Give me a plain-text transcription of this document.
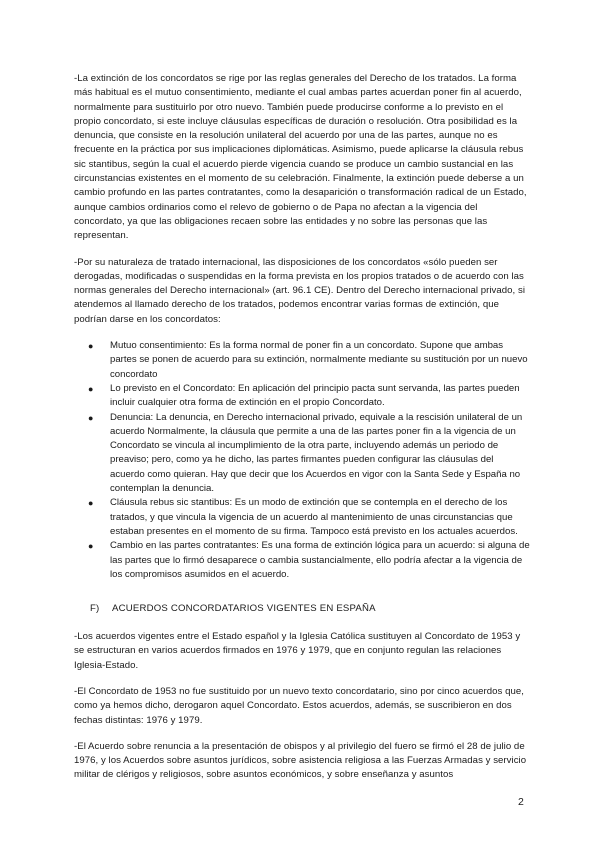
-La extinción de los concordatos se rige por las reglas generales del Derecho de los tratados. La forma más habitual es el mutuo consentimiento, mediante el cual ambas partes acuerdan poner fin al acuerdo, normalmente para sustituirlo por otro nuevo. También puede producirse conforme a lo previsto en el propio concordato, si este incluye cláusulas específicas de duración o resolución. Otra posibilidad es la denuncia, que consiste en la resolución unilateral del acuerdo por una de las partes, aunque no es frecuente en la práctica por sus implicaciones diplomáticas. Asimismo, puede aplicarse la cláusula rebus sic stantibus, según la cual el acuerdo pierde vigencia cuando se produce un cambio sustancial en las circunstancias existentes en el momento de su celebración. Finalmente, la extinción puede deberse a un cambio profundo en las partes contratantes, como la desaparición o transformación radical de un Estado, aunque cambios ordinarios como el relevo de gobierno o de Papa no afectan a la vigencia del concordato, ya que las obligaciones recaen sobre las entidades y no sobre las personas que las representan.

-Por su naturaleza de tratado internacional, las disposiciones de los concordatos «sólo pueden ser derogadas, modificadas o suspendidas en la forma prevista en los propios tratados o de acuerdo con las normas generales del Derecho internacional» (art. 96.1 CE). Dentro del Derecho internacional privado, si atendemos al llamado derecho de los tratados, podemos encontrar varias formas de extinción, que podrían darse en los concordatos:

● Mutuo consentimiento: Es la forma normal de poner fin a un concordato. Supone que ambas partes se ponen de acuerdo para su extinción, normalmente mediante su sustitución por un nuevo concordato
● Lo previsto en el Concordato: En aplicación del principio pacta sunt servanda, las partes pueden incluir cualquier otra forma de extinción en el propio Concordato.
● Denuncia: La denuncia, en Derecho internacional privado, equivale a la rescisión unilateral de un acuerdo Normalmente, la cláusula que permite a una de las partes poner fin a la vigencia de un Concordato se vincula al incumplimiento de la otra parte, incluyendo además un periodo de preaviso; pero, como ya he dicho, las partes firmantes pueden configurar las cláusulas del acuerdo como quieran. Hay que decir que los Acuerdos en vigor con la Santa Sede y España no contemplan la denuncia.
● Cláusula rebus sic stantibus: Es un modo de extinción que se contempla en el derecho de los tratados, y que vincula la vigencia de un acuerdo al mantenimiento de unas circunstancias que estaban presentes en el momento de su firma. Tampoco está previsto en los actuales acuerdos.
● Cambio en las partes contratantes: Es una forma de extinción lógica para un acuerdo: si alguna de las partes que lo firmó desaparece o cambia sustancialmente, ello podría afectar a la vigencia de los compromisos asumidos en el acuerdo.
F) ACUERDOS CONCORDATARIOS VIGENTES EN ESPAÑA

-Los acuerdos vigentes entre el Estado español y la Iglesia Católica sustituyen al Concordato de 1953 y se estructuran en varios acuerdos firmados en 1976 y 1979, que en conjunto regulan las relaciones Iglesia-Estado.

-El Concordato de 1953 no fue sustituido por un nuevo texto concordatario, sino por cinco acuerdos que, como ya hemos dicho, derogaron aquel Concordato. Estos acuerdos, además, se suscribieron en dos fechas distintas: 1976 y 1979.

-El Acuerdo sobre renuncia a la presentación de obispos y al privilegio del fuero se firmó el 28 de julio de 1976, y los Acuerdos sobre asuntos jurídicos, sobre asistencia religiosa a las Fuerzas Armadas y servicio militar de clérigos y religiosos, sobre asuntos económicos, y sobre enseñanza y asuntos

2
